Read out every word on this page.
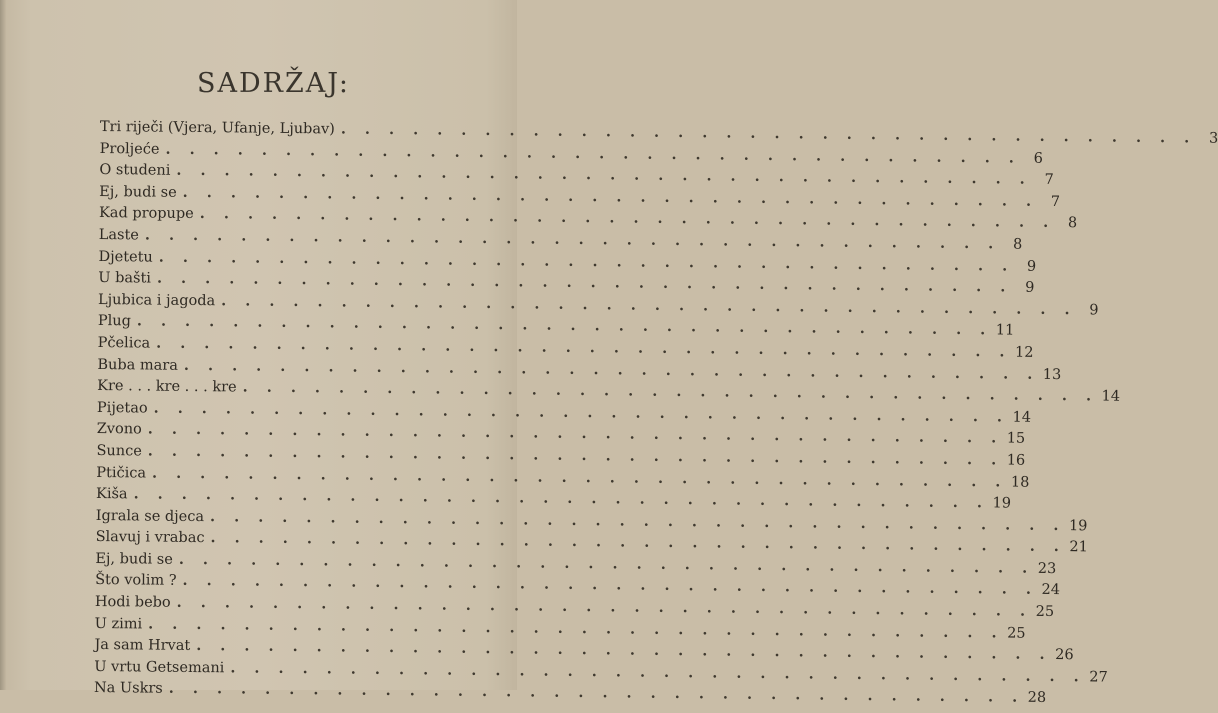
SADRŽAJ:
Tri riječi (Vjera, Ufanje, Ljubav) . . . . . . . . . . . . . . . . . . . . . . . . . . . . . . . . . . . . 3
Proljeće . . . . . . . . . . . . . . . . . . . . . . . . . . . . . . . . . . . . 6
O studeni . . . . . . . . . . . . . . . . . . . . . . . . . . . . . . . . . . . . 7
Ej, budi se . . . . . . . . . . . . . . . . . . . . . . . . . . . . . . . . . . . . 7
Kad propupe . . . . . . . . . . . . . . . . . . . . . . . . . . . . . . . . . . . . 8
Laste . . . . . . . . . . . . . . . . . . . . . . . . . . . . . . . . . . . . 8
Djetetu . . . . . . . . . . . . . . . . . . . . . . . . . . . . . . . . . . . . 9
U bašti . . . . . . . . . . . . . . . . . . . . . . . . . . . . . . . . . . . . 9
Ljubica i jagoda . . . . . . . . . . . . . . . . . . . . . . . . . . . . . . . . . . . . 9
Plug . . . . . . . . . . . . . . . . . . . . . . . . . . . . . . . . . . . . 11
Pčelica . . . . . . . . . . . . . . . . . . . . . . . . . . . . . . . . . . . . 12
Buba mara . . . . . . . . . . . . . . . . . . . . . . . . . . . . . . . . . . . . 13
Kre . . . kre . . . kre . . . . . . . . . . . . . . . . . . . . . . . . . . . . . . . . . . . . 14
Pijetao . . . . . . . . . . . . . . . . . . . . . . . . . . . . . . . . . . . . 14
Zvono . . . . . . . . . . . . . . . . . . . . . . . . . . . . . . . . . . . . 15
Sunce . . . . . . . . . . . . . . . . . . . . . . . . . . . . . . . . . . . . 16
Ptičica . . . . . . . . . . . . . . . . . . . . . . . . . . . . . . . . . . . . 18
Kiša . . . . . . . . . . . . . . . . . . . . . . . . . . . . . . . . . . . . 19
Igrala se djeca . . . . . . . . . . . . . . . . . . . . . . . . . . . . . . . . . . . . 19
Slavuj i vrabac . . . . . . . . . . . . . . . . . . . . . . . . . . . . . . . . . . . . 21
Ej, budi se . . . . . . . . . . . . . . . . . . . . . . . . . . . . . . . . . . . . 23
Što volim ? . . . . . . . . . . . . . . . . . . . . . . . . . . . . . . . . . . . . 24
Hodi bebo . . . . . . . . . . . . . . . . . . . . . . . . . . . . . . . . . . . . 25
U zimi . . . . . . . . . . . . . . . . . . . . . . . . . . . . . . . . . . . . 25
Ja sam Hrvat . . . . . . . . . . . . . . . . . . . . . . . . . . . . . . . . . . . . 26
U vrtu Getsemani . . . . . . . . . . . . . . . . . . . . . . . . . . . . . . . . . . . . 27
Na Uskrs . . . . . . . . . . . . . . . . . . . . . . . . . . . . . . . . . . . . 28
